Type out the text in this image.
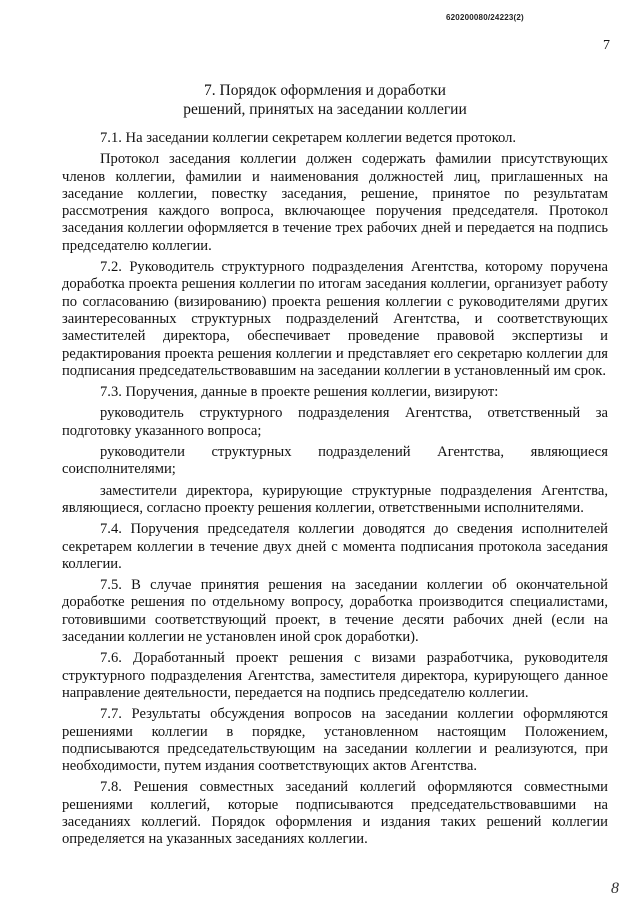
620200080/24223(2)
7
7. Порядок оформления и доработки
решений, принятых на заседании коллегии

7.1. На заседании коллегии секретарем коллегии ведется протокол.

Протокол заседания коллегии должен содержать фамилии присутствующих членов коллегии, фамилии и наименования должностей лиц, приглашенных на заседание коллегии, повестку заседания, решение, принятое по результатам рассмотрения каждого вопроса, включающее поручения председателя. Протокол заседания коллегии оформляется в течение трех рабочих дней и передается на подпись председателю коллегии.

7.2. Руководитель структурного подразделения Агентства, которому поручена доработка проекта решения коллегии по итогам заседания коллегии, организует работу по согласованию (визированию) проекта решения коллегии с руководителями других заинтересованных структурных подразделений Агентства, и соответствующих заместителей директора, обеспечивает проведение правовой экспертизы и редактирования проекта решения коллегии и представляет его секретарю коллегии для подписания председательствовавшим на заседании коллегии в установленный им срок.

7.3. Поручения, данные в проекте решения коллегии, визируют:

руководитель структурного подразделения Агентства, ответственный за подготовку указанного вопроса;

руководители структурных подразделений Агентства, являющиеся соисполнителями;

заместители директора, курирующие структурные подразделения Агентства, являющиеся, согласно проекту решения коллегии, ответственными исполнителями.

7.4. Поручения председателя коллегии доводятся до сведения исполнителей секретарем коллегии в течение двух дней с момента подписания протокола заседания коллегии.

7.5. В случае принятия решения на заседании коллегии об окончательной доработке решения по отдельному вопросу, доработка производится специалистами, готовившими соответствующий проект, в течение десяти рабочих дней (если на заседании коллегии не установлен иной срок доработки).

7.6. Доработанный проект решения с визами разработчика, руководителя структурного подразделения Агентства, заместителя директора, курирующего данное направление деятельности, передается на подпись председателю коллегии.

7.7. Результаты обсуждения вопросов на заседании коллегии оформляются решениями коллегии в порядке, установленном настоящим Положением, подписываются председательствующим на заседании коллегии и реализуются, при необходимости, путем издания соответствующих актов Агентства.

7.8. Решения совместных заседаний коллегий оформляются совместными решениями коллегий, которые подписываются председательствовавшими на заседаниях коллегий. Порядок оформления и издания таких решений коллегии определяется на указанных заседаниях коллегии.

8
